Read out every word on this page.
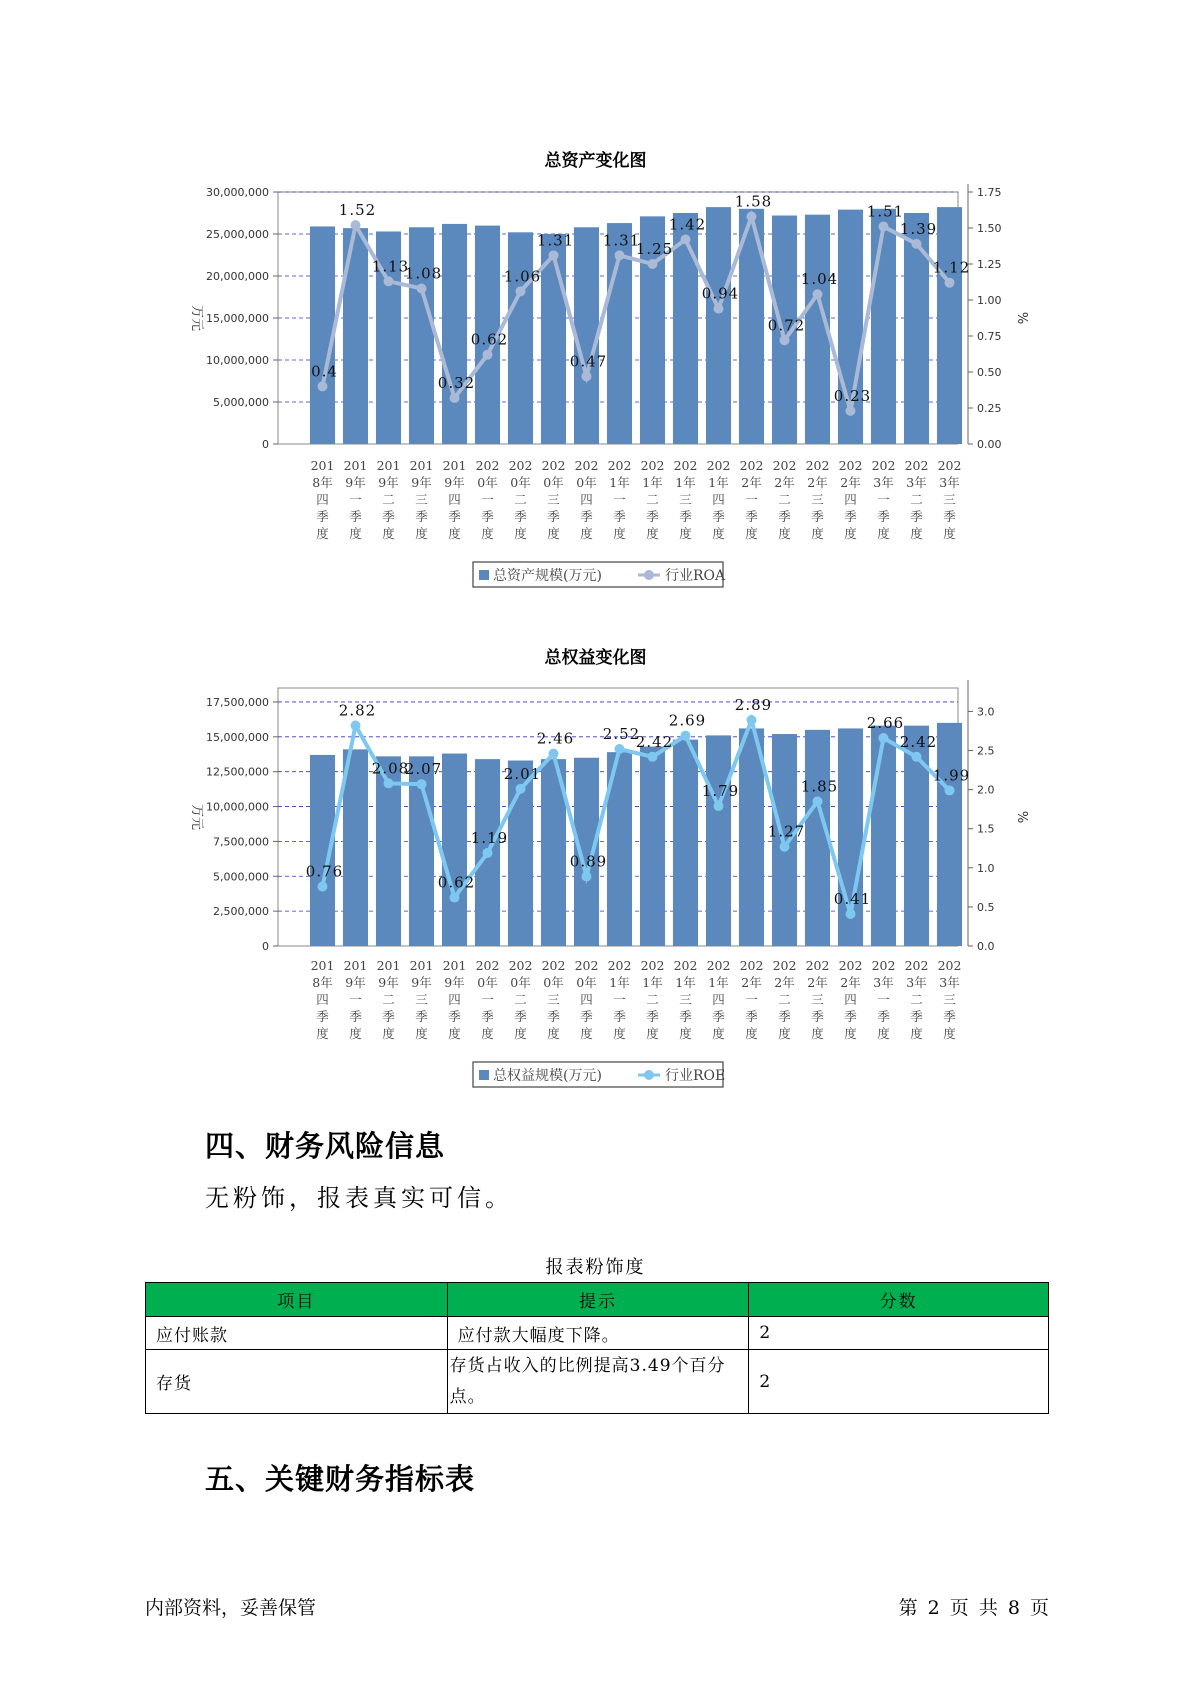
总资产变化图
30,000,000
25,000,000
20,000,000
15,000,000
10,000,000
5,000,000
0
1.75
1.50
1.25
1.00
0.75
0.50
0.25
0.00
万元	%
0.4
1.52
1.13
1.08
0.32
0.62
1.06
1.31
0.47
1.31
1.25
1.42
0.94
1.58
0.72
1.04
0.23
1.51
1.39
1.12
201
8年
四
季
度
201
9年
一
季
度
201
9年
二
季
度
201
9年
三
季
度
201
9年
四
季
度
202
0年
一
季
度
202
0年
二
季
度
202
0年
三
季
度
202
0年
四
季
度
202
1年
一
季
度
202
1年
二
季
度
202
1年
三
季
度
202
1年
四
季
度
202
2年
一
季
度
202
2年
二
季
度
202
2年
三
季
度
202
2年
四
季
度
202
3年
一
季
度
202
3年
二
季
度
202
3年
三
季
度
总资产规模(万元)	行业ROA
总权益变化图
17,500,000
15,000,000
12,500,000
10,000,000
7,500,000
5,000,000
2,500,000
0
3.0
2.5
2.0
1.5
1.0
0.5
0.0
万元	%
0.76
2.82
2.08
2.07
0.62
1.19
2.01
2.46
0.89
2.52
2.42
2.69
1.79
2.89
1.27
1.85
0.41
2.66
2.42
1.99
201
8年
四
季
度
201
9年
一
季
度
201
9年
二
季
度
201
9年
三
季
度
201
9年
四
季
度
202
0年
一
季
度
202
0年
二
季
度
202
0年
三
季
度
202
0年
四
季
度
202
1年
一
季
度
202
1年
二
季
度
202
1年
三
季
度
202
1年
四
季
度
202
2年
一
季
度
202
2年
二
季
度
202
2年
三
季
度
202
2年
四
季
度
202
3年
一
季
度
202
3年
二
季
度
202
3年
三
季
度
总权益规模(万元)	行业ROE
四、财务风险信息
无粉饰，报表真实可信。
报表粉饰度
项目	提示	分数
应付账款	应付款大幅度下降。	2
存货	存货占收入的比例提高3.49个百分点。	2
五、关键财务指标表
内部资料，妥善保管	第 2 页 共 8 页
